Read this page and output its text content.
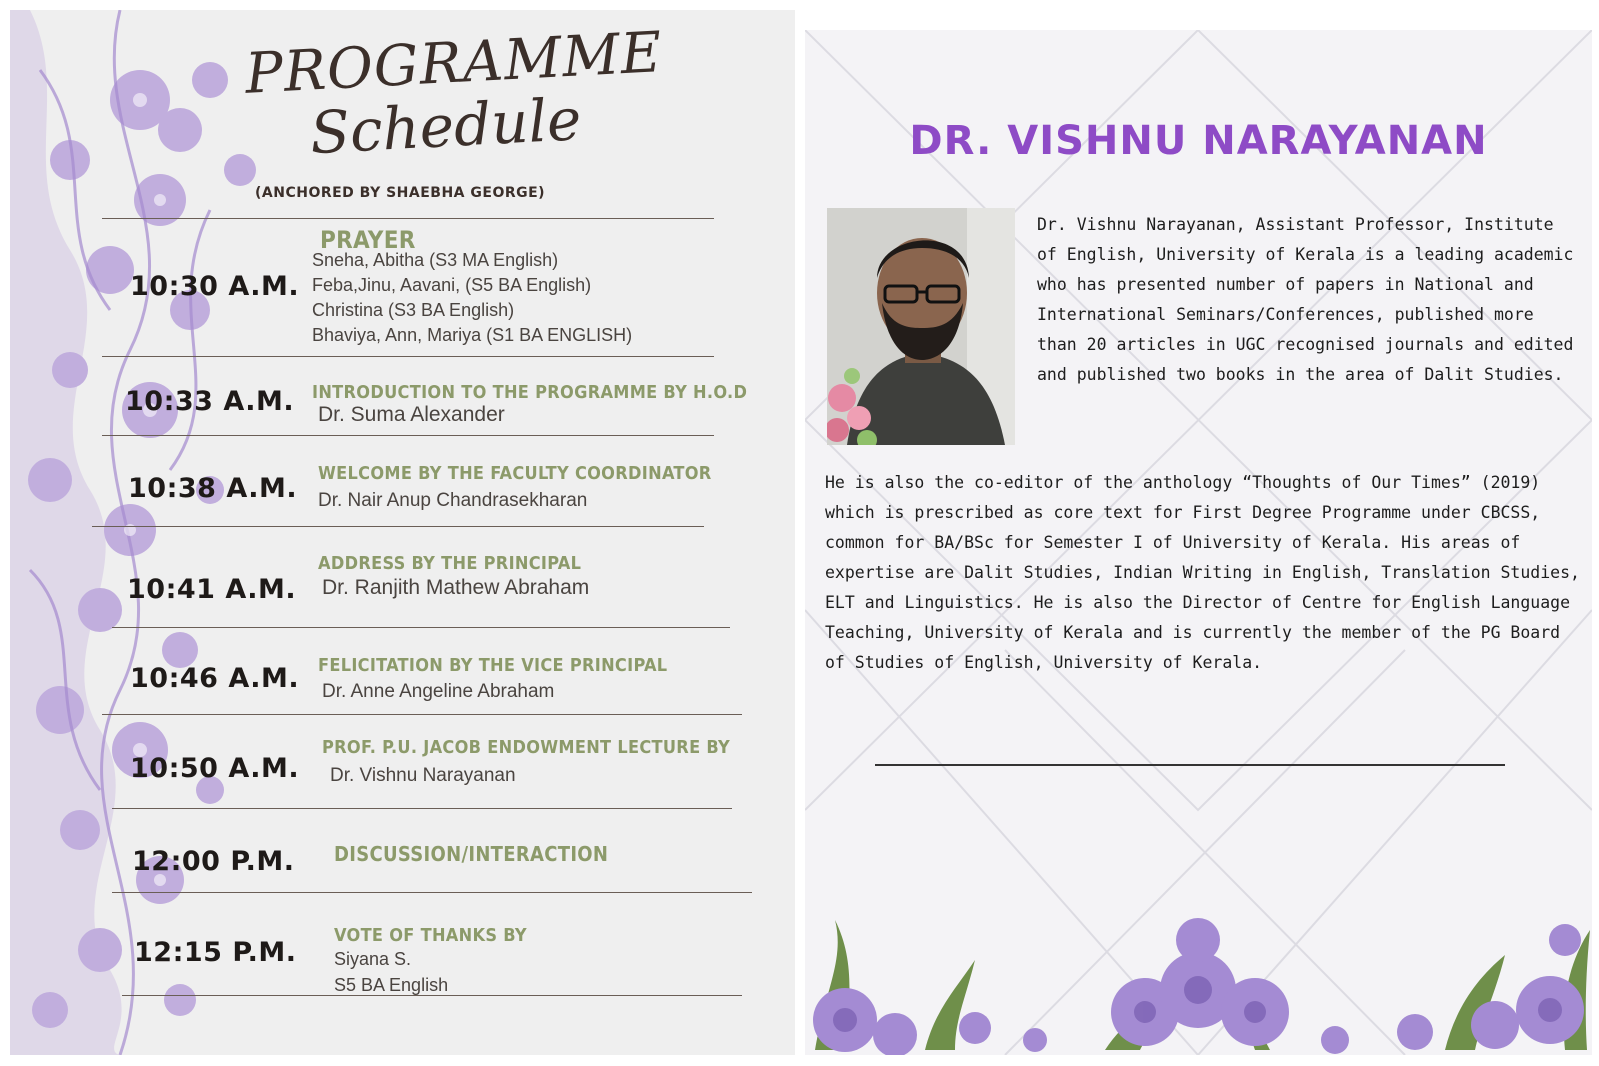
PROGRAMME
Schedule
(ANCHORED BY SHAEBHA GEORGE)
10:30 A.M.
PRAYER
Sneha, Abitha (S3 MA English)
Feba,Jinu, Aavani, (S5 BA English)
Christina (S3 BA English)
Bhaviya, Ann, Mariya (S1 BA ENGLISH)
10:33 A.M. INTRODUCTION TO THE PROGRAMME BY H.O.D
Dr. Suma Alexander
10:38 A.M. WELCOME BY THE FACULTY COORDINATOR
Dr. Nair Anup Chandrasekharan
10:41 A.M.
ADDRESS BY THE PRINCIPAL
Dr. Ranjith Mathew Abraham
10:46 A.M. FELICITATION BY THE VICE PRINCIPAL
Dr. Anne Angeline Abraham
10:50 A.M.
PROF. P.U. JACOB ENDOWMENT LECTURE BY
Dr. Vishnu Narayanan
12:00 P.M. DISCUSSION/INTERACTION
12:15 P.M.
VOTE OF THANKS BY
Siyana S.
S5 BA English
DR. VISHNU NARAYANAN
Dr. Vishnu Narayanan, Assistant Professor, Institute of English, University of Kerala is a leading academic who has presented number of papers in National and International Seminars/Conferences, published more than 20 articles in UGC recognised journals and edited and published two books in the area of Dalit Studies.
He is also the co-editor of the anthology “Thoughts of Our Times” (2019) which is prescribed as core text for First Degree Programme under CBCSS, common for BA/BSc for Semester I of University of Kerala. His areas of expertise are Dalit Studies, Indian Writing in English, Translation Studies, ELT and Linguistics. He is also the Director of Centre for English Language Teaching, University of Kerala and is currently the member of the PG Board of Studies of English, University of Kerala.
